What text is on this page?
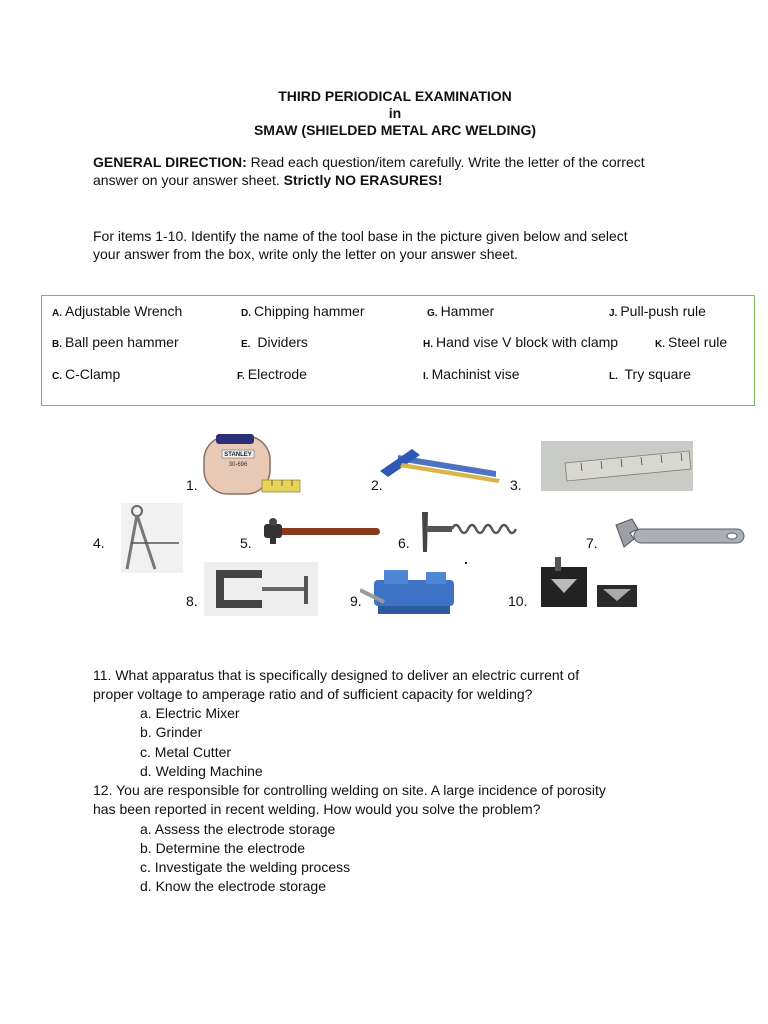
THIRD PERIODICAL EXAMINATION
in
SMAW (SHIELDED METAL ARC WELDING)
GENERAL DIRECTION: Read each question/item carefully. Write the letter of the correct answer on your answer sheet. Strictly NO ERASURES!
For items 1-10. Identify the name of the tool base in the picture given below and select your answer from the box, write only the letter on your answer sheet.
A. Adjustable Wrench
B. Ball peen hammer
C. C-Clamp
D. Chipping hammer
E. Dividers
F. Electrode
G. Hammer
H. Hand vise V block with clamp
I. Machinist vise
J. Pull-push rule
K. Steel rule
L. Try square
1.	2.	3.
4.	5.	6.	7.
8.	9.	10.
STANLEY
30-696
11. What apparatus that is specifically designed to deliver an electric current of
proper voltage to amperage ratio and of sufficient capacity for welding?
a. Electric Mixer
b. Grinder
c. Metal Cutter
d. Welding Machine
12. You are responsible for controlling welding on site. A large incidence of porosity
has been reported in recent welding. How would you solve the problem?
a. Assess the electrode storage
b. Determine the electrode
c. Investigate the welding process
d. Know the electrode storage
